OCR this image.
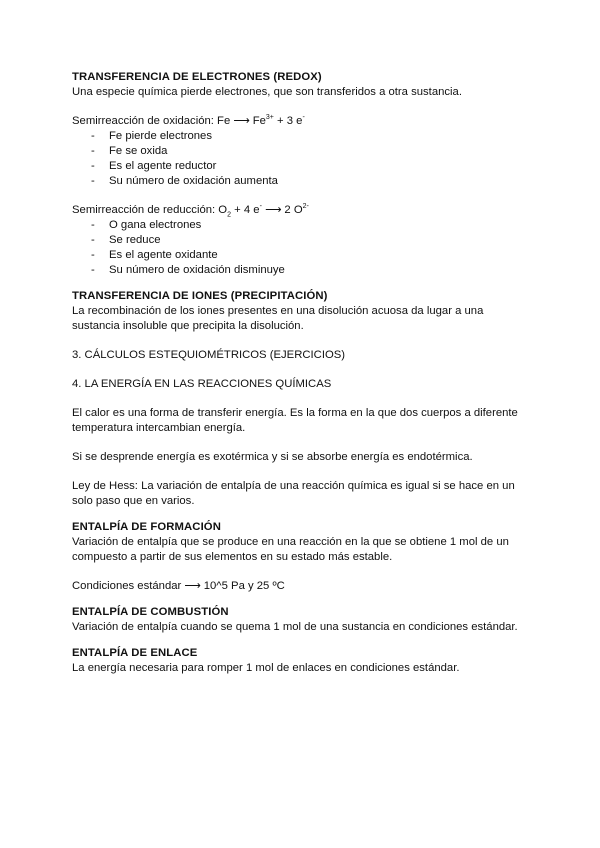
TRANSFERENCIA DE ELECTRONES (REDOX)

Una especie química pierde electrones, que son transferidos a otra sustancia.

Semirreacción de oxidación: Fe ⟶ $Fe^{3+} + 3$ e-

- Fe pierde electrones
- Fe se oxida
- Es el agente reductor
- Su número de oxidación aumenta

Semirreacción de reducción: $O_2 + 4$ e- ⟶ 2 $O^{2-}$

- O gana electrones
- Se reduce
- Es el agente oxidante
- Su número de oxidación disminuye
TRANSFERENCIA DE IONES (PRECIPITACIÓN)

La recombinación de los iones presentes en una disolución acuosa da lugar a una sustancia insoluble que precipita la disolución.

3. CÁLCULOS ESTEQUIOMÉTRICOS (EJERCICIOS)

4. LA ENERGÍA EN LAS REACCIONES QUÍMICAS

El calor es una forma de transferir energía. Es la forma en la que dos cuerpos a diferente temperatura intercambian energía.

Si se desprende energía es exotérmica y si se absorbe energía es endotérmica.

Ley de Hess: La variación de entalpía de una reacción química es igual si se hace en un solo paso que en varios.

ENTALPÍA DE FORMACIÓN

Variación de entalpía que se produce en una reacción en la que se obtiene 1 mol de un compuesto a partir de sus elementos en su estado más estable.

Condiciones estándar ⟶ 10^5 Pa y 25 ºC

ENTALPÍA DE COMBUSTIÓN

Variación de entalpía cuando se quema 1 mol de una sustancia en condiciones estándar.

ENTALPÍA DE ENLACE

La energía necesaria para romper 1 mol de enlaces en condiciones estándar.
